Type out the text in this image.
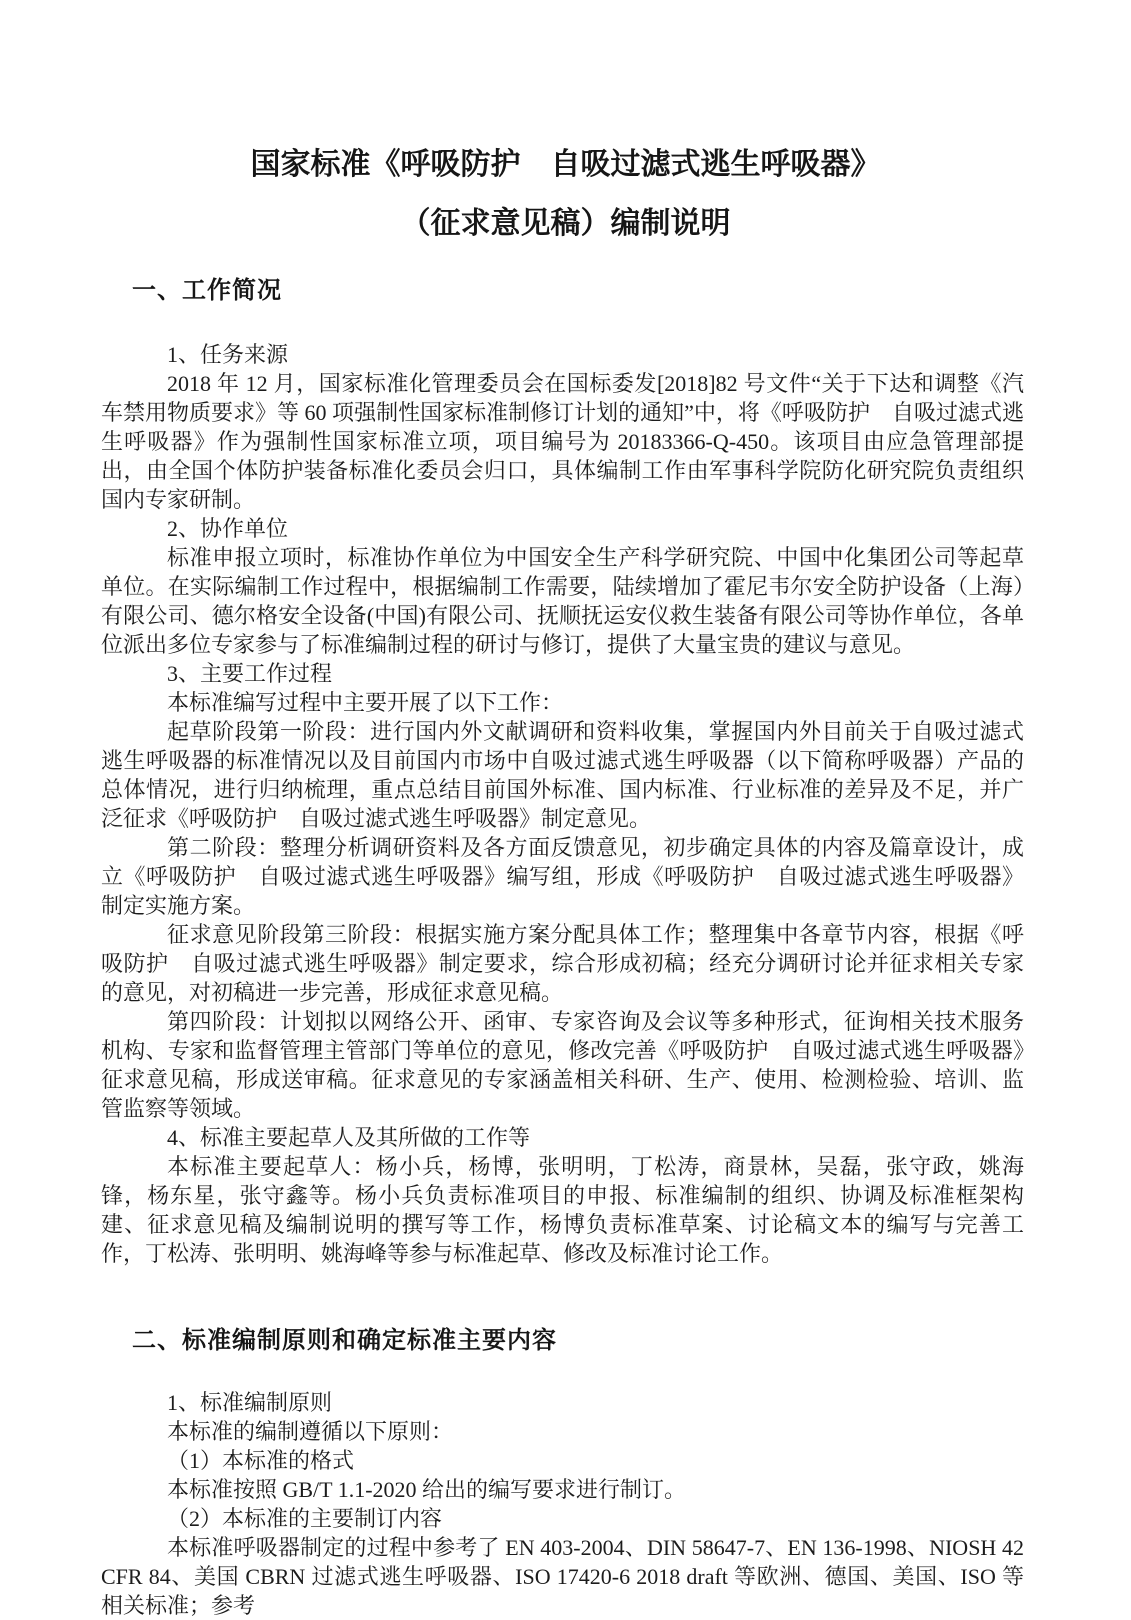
国家标准《呼吸防护　自吸过滤式逃生呼吸器》
（征求意见稿）编制说明
一、工作简况

1、任务来源

2018 年 12 月，国家标准化管理委员会在国标委发[2018]82 号文件“关于下达和调整《汽车禁用物质要求》等 60 项强制性国家标准制修订计划的通知”中，将《呼吸防护　自吸过滤式逃生呼吸器》作为强制性国家标准立项，项目编号为 20183366-Q-450。该项目由应急管理部提出，由全国个体防护装备标准化委员会归口，具体编制工作由军事科学院防化研究院负责组织国内专家研制。

2、协作单位

标准申报立项时，标准协作单位为中国安全生产科学研究院、中国中化集团公司等起草单位。在实际编制工作过程中，根据编制工作需要，陆续增加了霍尼韦尔安全防护设备（上海）有限公司、德尔格安全设备(中国)有限公司、抚顺抚运安仪救生装备有限公司等协作单位，各单位派出多位专家参与了标准编制过程的研讨与修订，提供了大量宝贵的建议与意见。

3、主要工作过程

本标准编写过程中主要开展了以下工作：

起草阶段第一阶段：进行国内外文献调研和资料收集，掌握国内外目前关于自吸过滤式逃生呼吸器的标准情况以及目前国内市场中自吸过滤式逃生呼吸器（以下简称呼吸器）产品的总体情况，进行归纳梳理，重点总结目前国外标准、国内标准、行业标准的差异及不足，并广泛征求《呼吸防护　自吸过滤式逃生呼吸器》制定意见。

第二阶段：整理分析调研资料及各方面反馈意见，初步确定具体的内容及篇章设计，成立《呼吸防护　自吸过滤式逃生呼吸器》编写组，形成《呼吸防护　自吸过滤式逃生呼吸器》制定实施方案。

征求意见阶段第三阶段：根据实施方案分配具体工作；整理集中各章节内容，根据《呼吸防护　自吸过滤式逃生呼吸器》制定要求，综合形成初稿；经充分调研讨论并征求相关专家的意见，对初稿进一步完善，形成征求意见稿。

第四阶段：计划拟以网络公开、函审、专家咨询及会议等多种形式，征询相关技术服务机构、专家和监督管理主管部门等单位的意见，修改完善《呼吸防护　自吸过滤式逃生呼吸器》征求意见稿，形成送审稿。征求意见的专家涵盖相关科研、生产、使用、检测检验、培训、监管监察等领域。

4、标准主要起草人及其所做的工作等

本标准主要起草人：杨小兵，杨博，张明明，丁松涛，商景林，吴磊，张守政，姚海锋，杨东星，张守鑫等。杨小兵负责标准项目的申报、标准编制的组织、协调及标准框架构建、征求意见稿及编制说明的撰写等工作，杨博负责标准草案、讨论稿文本的编写与完善工作，丁松涛、张明明、姚海峰等参与标准起草、修改及标准讨论工作。

二、标准编制原则和确定标准主要内容

1、标准编制原则

本标准的编制遵循以下原则：

（1）本标准的格式

本标准按照 GB/T 1.1-2020 给出的编写要求进行制订。

（2）本标准的主要制订内容

本标准呼吸器制定的过程中参考了 EN 403-2004、DIN 58647-7、EN 136-1998、NIOSH 42 CFR 84、美国 CBRN 过滤式逃生呼吸器、ISO 17420-6 2018 draft 等欧洲、德国、美国、ISO 等相关标准；参考
